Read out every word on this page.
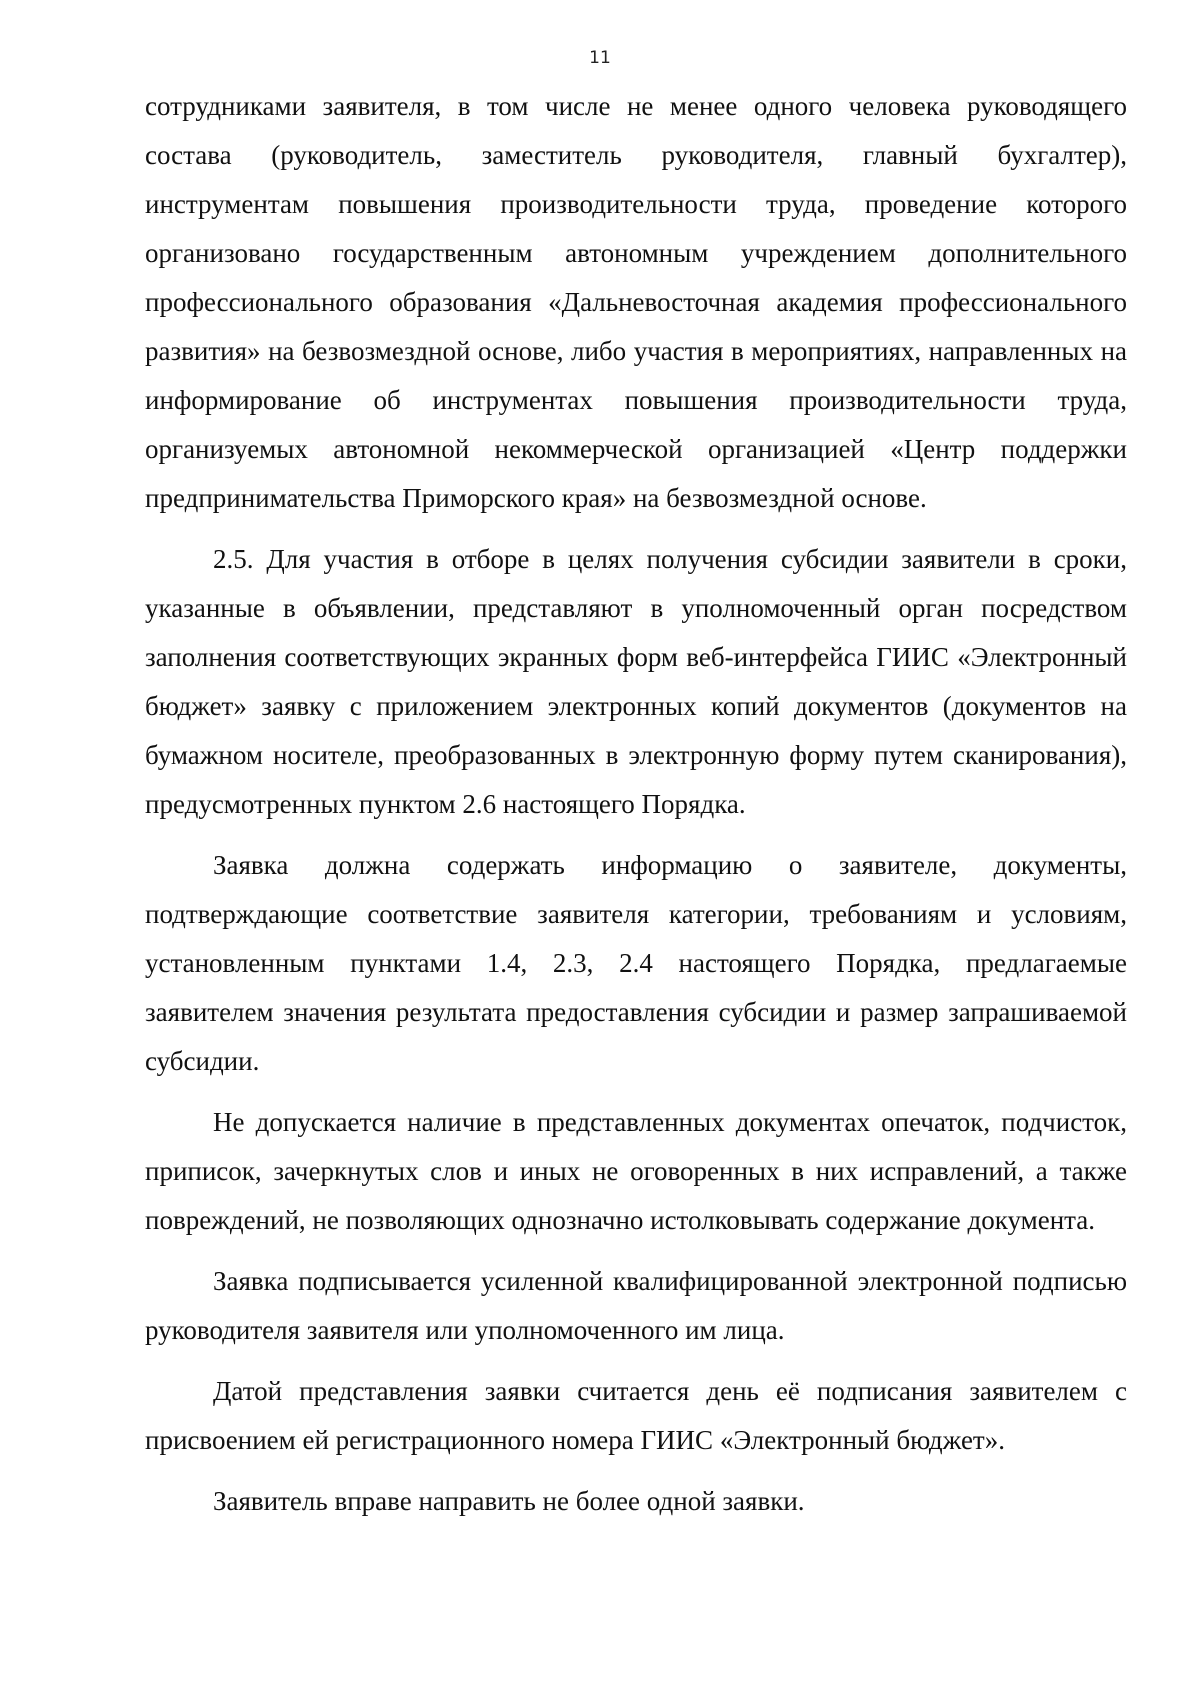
11

сотрудниками заявителя, в том числе не менее одного человека руководящего состава (руководитель, заместитель руководителя, главный бухгалтер), инструментам повышения производительности труда, проведение которого организовано государственным автономным учреждением дополнительного профессионального образования «Дальневосточная академия профессионального развития» на безвозмездной основе, либо участия в мероприятиях, направленных на информирование об инструментах повышения производительности труда, организуемых автономной некоммерческой организацией «Центр поддержки предпринимательства Приморского края» на безвозмездной основе.

2.5. Для участия в отборе в целях получения субсидии заявители в сроки, указанные в объявлении, представляют в уполномоченный орган посредством заполнения соответствующих экранных форм веб-интерфейса ГИИС «Электронный бюджет» заявку с приложением электронных копий документов (документов на бумажном носителе, преобразованных в электронную форму путем сканирования), предусмотренных пунктом 2.6 настоящего Порядка.

Заявка должна содержать информацию о заявителе, документы, подтверждающие соответствие заявителя категории, требованиям и условиям, установленным пунктами 1.4, 2.3, 2.4 настоящего Порядка, предлагаемые заявителем значения результата предоставления субсидии и размер запрашиваемой субсидии.

Не допускается наличие в представленных документах опечаток, подчисток, приписок, зачеркнутых слов и иных не оговоренных в них исправлений, а также повреждений, не позволяющих однозначно истолковывать содержание документа.

Заявка подписывается усиленной квалифицированной электронной подписью руководителя заявителя или уполномоченного им лица.

Датой представления заявки считается день её подписания заявителем с присвоением ей регистрационного номера ГИИС «Электронный бюджет».

Заявитель вправе направить не более одной заявки.
